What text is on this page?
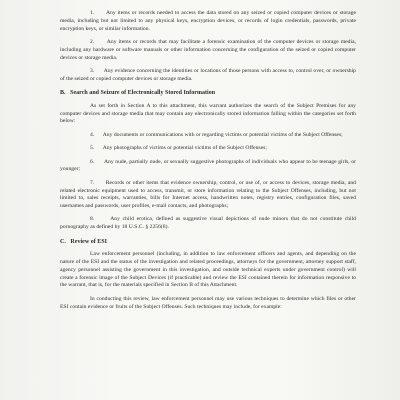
1.      Any items or records needed to access the data stored on any seized or copied computer devices or storage media, including but not limited to any physical keys, encryption devices, or records of login credentials, passwords, private encryption keys, or similar information.

2.      Any items or records that may facilitate a forensic examination of the computer devices or storage media, including any hardware or software manuals or other information concerning the configuration of the seized or copied computer devices or storage media.

3.      Any evidence concerning the identities or locations of those persons with access to, control over, or ownership of the seized or copied computer devices or storage media.

B.   Search and Seizure of Electronically Stored Information

As set forth in Section A to this attachment, this warrant authorizes the search of the Subject Premises for any computer devices and storage media that may contain any electronically stored information falling within the categories set forth below:

4.      Any documents or communications with or regarding victims or potential victims of the Subject Offenses;

5.      Any photographs of victims or potential victims of the Subject Offenses;

6.      Any nude, partially nude, or sexually suggestive photographs of individuals who appear to be teenage girls, or younger;

7.      Records or other items that evidence ownership, control, or use of, or access to devices, storage media, and related electronic equipment used to access, transmit, or store information relating to the Subject Offenses, including, but not limited to, sales receipts, warranties, bills for Internet access, handwritten notes, registry entries, configuration files, saved usernames and passwords, user profiles, e-mail contacts, and photographs;

8.      Any child erotica, defined as suggestive visual depictions of nude minors that do not constitute child pornography as defined by 18 U.S.C. § 2256(8).

C.   Review of ESI

Law enforcement personnel (including, in addition to law enforcement officers and agents, and depending on the nature of the ESI and the status of the investigation and related proceedings, attorneys for the government, attorney support staff, agency personnel assisting the government in this investigation, and outside technical experts under government control) will create a forensic image of the Subject Devices (if practicable) and review the ESI contained therein for information responsive to the warrant, that is, for the materials specified in Section B of this Attachment.

In conducting this review, law enforcement personnel may use various techniques to determine which files or other ESI contain evidence or fruits of the Subject Offenses. Such techniques may include, for example:
